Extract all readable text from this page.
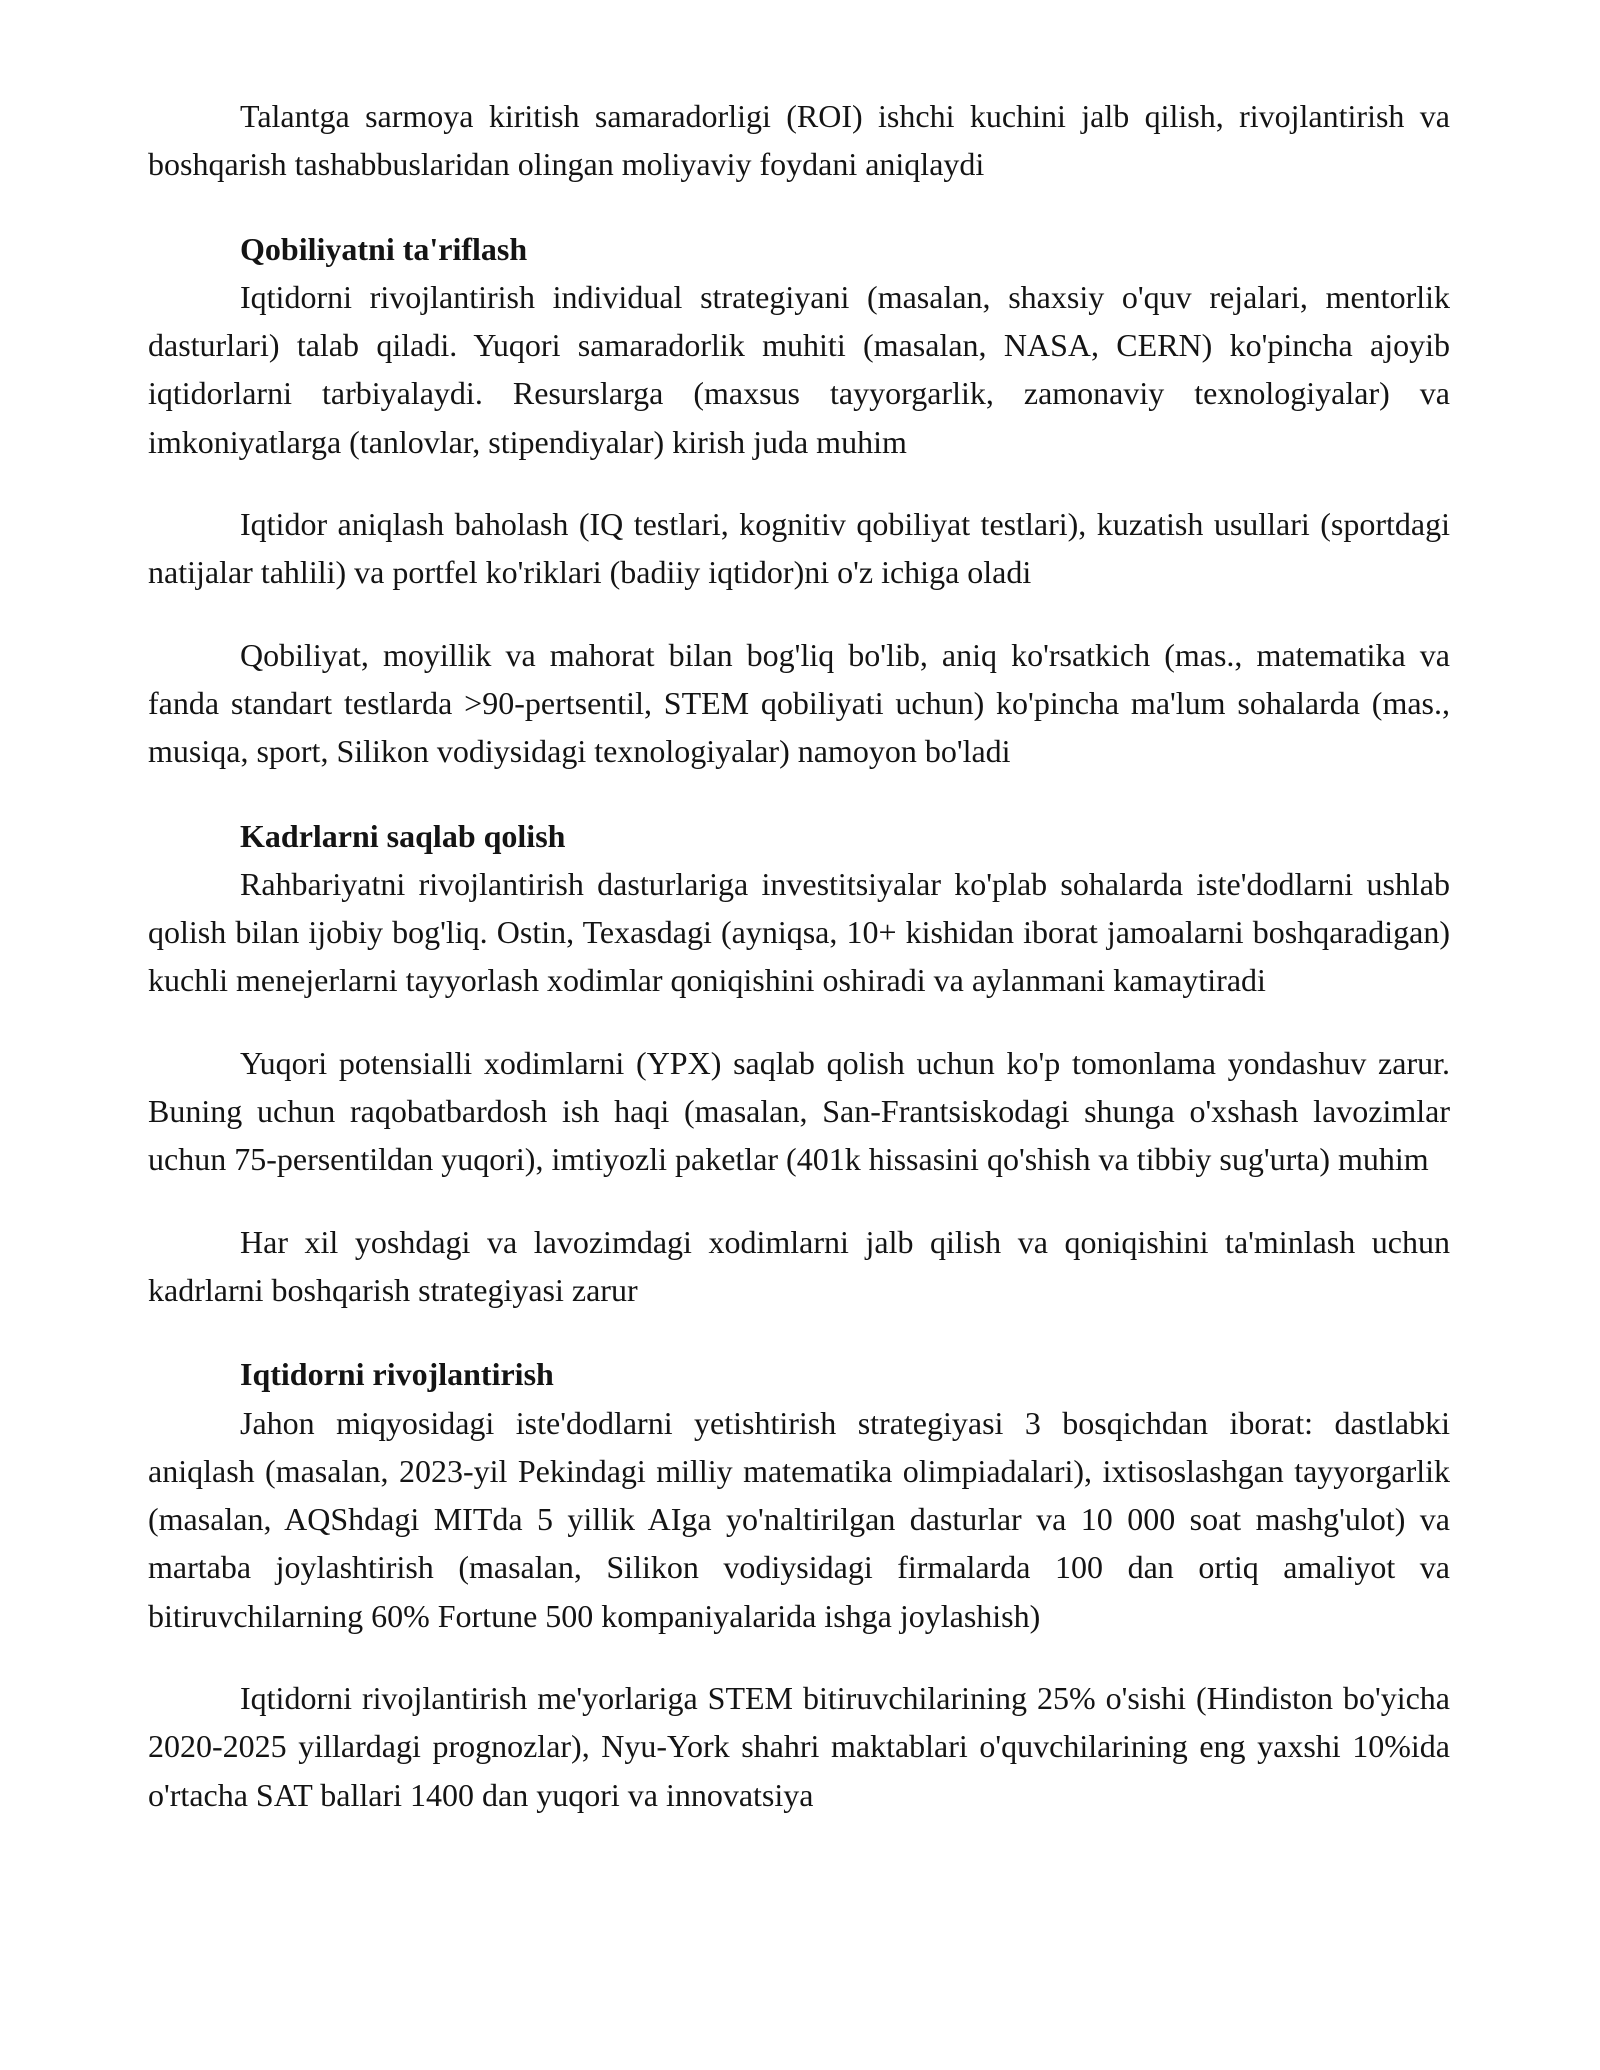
Talantga sarmoya kiritish samaradorligi (ROI) ishchi kuchini jalb qilish, rivojlantirish va boshqarish tashabbuslaridan olingan moliyaviy foydani aniqlaydi

Qobiliyatni ta'riflash

Iqtidorni rivojlantirish individual strategiyani (masalan, shaxsiy o'quv rejalari, mentorlik dasturlari) talab qiladi. Yuqori samaradorlik muhiti (masalan, NASA, CERN) ko'pincha ajoyib iqtidorlarni tarbiyalaydi. Resurslarga (maxsus tayyorgarlik, zamonaviy texnologiyalar) va imkoniyatlarga (tanlovlar, stipendiyalar) kirish juda muhim

Iqtidor aniqlash baholash (IQ testlari, kognitiv qobiliyat testlari), kuzatish usullari (sportdagi natijalar tahlili) va portfel ko'riklari (badiiy iqtidor)ni o'z ichiga oladi

Qobiliyat, moyillik va mahorat bilan bog'liq bo'lib, aniq ko'rsatkich (mas., matematika va fanda standart testlarda >90-pertsentil, STEM qobiliyati uchun) ko'pincha ma'lum sohalarda (mas., musiqa, sport, Silikon vodiysidagi texnologiyalar) namoyon bo'ladi

Kadrlarni saqlab qolish

Rahbariyatni rivojlantirish dasturlariga investitsiyalar ko'plab sohalarda iste'dodlarni ushlab qolish bilan ijobiy bog'liq. Ostin, Texasdagi (ayniqsa, 10+ kishidan iborat jamoalarni boshqaradigan) kuchli menejerlarni tayyorlash xodimlar qoniqishini oshiradi va aylanmani kamaytiradi

Yuqori potensialli xodimlarni (YPX) saqlab qolish uchun ko'p tomonlama yondashuv zarur. Buning uchun raqobatbardosh ish haqi (masalan, San-Frantsiskodagi shunga o'xshash lavozimlar uchun 75-persentildan yuqori), imtiyozli paketlar (401k hissasini qo'shish va tibbiy sug'urta) muhim

Har xil yoshdagi va lavozimdagi xodimlarni jalb qilish va qoniqishini ta'minlash uchun kadrlarni boshqarish strategiyasi zarur

Iqtidorni rivojlantirish

Jahon miqyosidagi iste'dodlarni yetishtirish strategiyasi 3 bosqichdan iborat: dastlabki aniqlash (masalan, 2023-yil Pekindagi milliy matematika olimpiadalari), ixtisoslashgan tayyorgarlik (masalan, AQShdagi MITda 5 yillik AIga yo'naltirilgan dasturlar va 10 000 soat mashg'ulot) va martaba joylashtirish (masalan, Silikon vodiysidagi firmalarda 100 dan ortiq amaliyot va bitiruvchilarning 60% Fortune 500 kompaniyalarida ishga joylashish)

Iqtidorni rivojlantirish me'yorlariga STEM bitiruvchilarining 25% o'sishi (Hindiston bo'yicha 2020-2025 yillardagi prognozlar), Nyu-York shahri maktablari o'quvchilarining eng yaxshi 10%ida o'rtacha SAT ballari 1400 dan yuqori va innovatsiya
